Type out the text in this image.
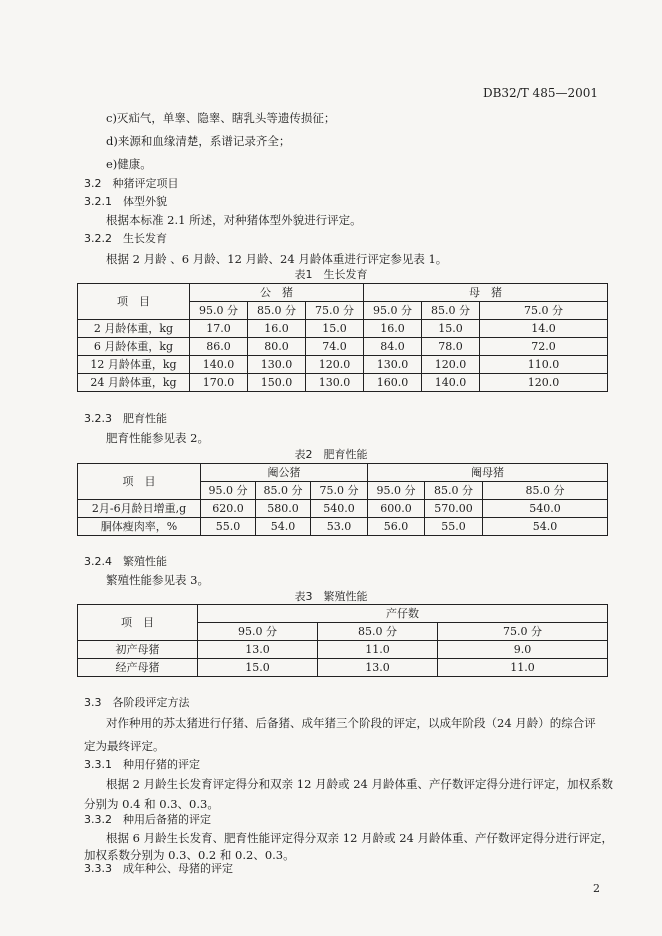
DB32/T 485—2001
c)灭疝气，单睾、隐睾、瞎乳头等遗传损征；
d)来源和血缘清楚，系谱记录齐全；
e)健康。
3.2　种猪评定项目
3.2.1　体型外貌
根据本标准 2.1 所述，对种猪体型外貌进行评定。
3.2.2　生长发育
根据 2 月龄 、6 月龄、12 月龄、24 月龄体重进行评定参见表 1。
表1　生长发育
项　目	公　猪			母　猪		
	95.0 分	85.0 分	75.0 分	95.0 分	85.0 分	75.0 分
2 月龄体重，kg	17.0	16.0	15.0	16.0	15.0	14.0
6 月龄体重，kg	86.0	80.0	74.0	84.0	78.0	72.0
12 月龄体重，kg	140.0	130.0	120.0	130.0	120.0	110.0
24 月龄体重，kg	170.0	150.0	130.0	160.0	140.0	120.0
3.2.3　肥育性能
肥育性能参见表 2。
表2　肥育性能
项　目	阉公猪			阉母猪		
	95.0 分	85.0 分	75.0 分	95.0 分	85.0 分	85.0 分
2月-6月龄日增重,g	620.0	580.0	540.0	600.0	570.00	540.0
胴体瘦肉率，%	55.0	54.0	53.0	56.0	55.0	54.0
3.2.4　繁殖性能
繁殖性能参见表 3。
表3　繁殖性能
项　目	产仔数		
	95.0 分	85.0 分	75.0 分
初产母猪	13.0	11.0	9.0
经产母猪	15.0	13.0	11.0
3.3　各阶段评定方法
对作种用的苏太猪进行仔猪、后备猪、成年猪三个阶段的评定，以成年阶段（24 月龄）的综合评
定为最终评定。
3.3.1　种用仔猪的评定
根据 2 月龄生长发育评定得分和双亲 12 月龄或 24 月龄体重、产仔数评定得分进行评定，加权系数
分别为 0.4 和 0.3、0.3。
3.3.2　种用后备猪的评定
根据 6 月龄生长发育、肥育性能评定得分双亲 12 月龄或 24 月龄体重、产仔数评定得分进行评定，
加权系数分别为 0.3、0.2 和 0.2、0.3。
3.3.3　成年种公、母猪的评定
2
